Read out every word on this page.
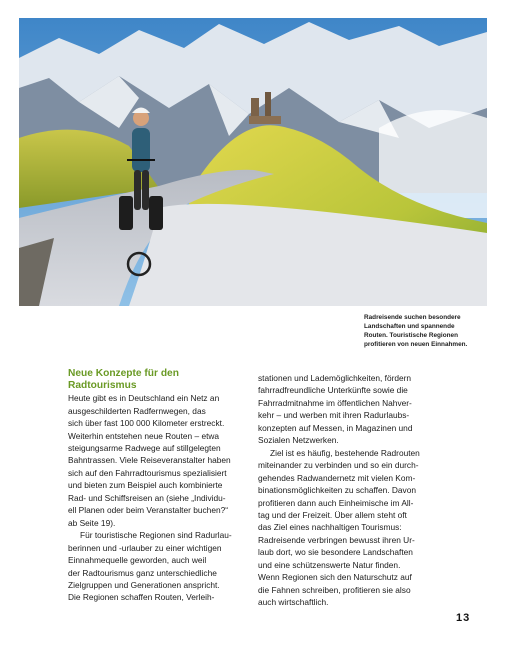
Radreisende suchen besondere
Landschaften und spannende
Routen. Touristische Regionen
profitieren von neuen Einnahmen.
Neue Konzepte für den
Radtourismus

Heute gibt es in Deutschland ein Netz an
ausgeschilderten Radfernwegen, das
sich über fast 100 000 Kilometer erstreckt.
Weiterhin entstehen neue Routen – etwa
steigungsarme Radwege auf stillgelegten
Bahntrassen. Viele Reiseveranstalter haben
sich auf den Fahrradtourismus spezialisiert
und bieten zum Beispiel auch kombinierte
Rad- und Schiffsreisen an (siehe „Individu-
ell Planen oder beim Veranstalter buchen?“
ab Seite 19).

Für touristische Regionen sind Radurlau-
berinnen und -urlauber zu einer wichtigen
Einnahmequelle geworden, auch weil
der Radtourismus ganz unterschiedliche
Zielgruppen und Generationen anspricht.
Die Regionen schaffen Routen, Verleih-

stationen und Lademöglichkeiten, fördern
fahrradfreundliche Unterkünfte sowie die
Fahrradmitnahme im öffentlichen Nahver-
kehr – und werben mit ihren Radurlaubs-
konzepten auf Messen, in Magazinen und
Sozialen Netzwerken.

Ziel ist es häufig, bestehende Radrouten
miteinander zu verbinden und so ein durch-
gehendes Radwandernetz mit vielen Kom-
binationsmöglichkeiten zu schaffen. Davon
profitieren dann auch Einheimische im All-
tag und der Freizeit. Über allem steht oft
das Ziel eines nachhaltigen Tourismus:
Radreisende verbringen bewusst ihren Ur-
laub dort, wo sie besondere Landschaften
und eine schützenswerte Natur finden.
Wenn Regionen sich den Naturschutz auf
die Fahnen schreiben, profitieren sie also
auch wirtschaftlich.

13
